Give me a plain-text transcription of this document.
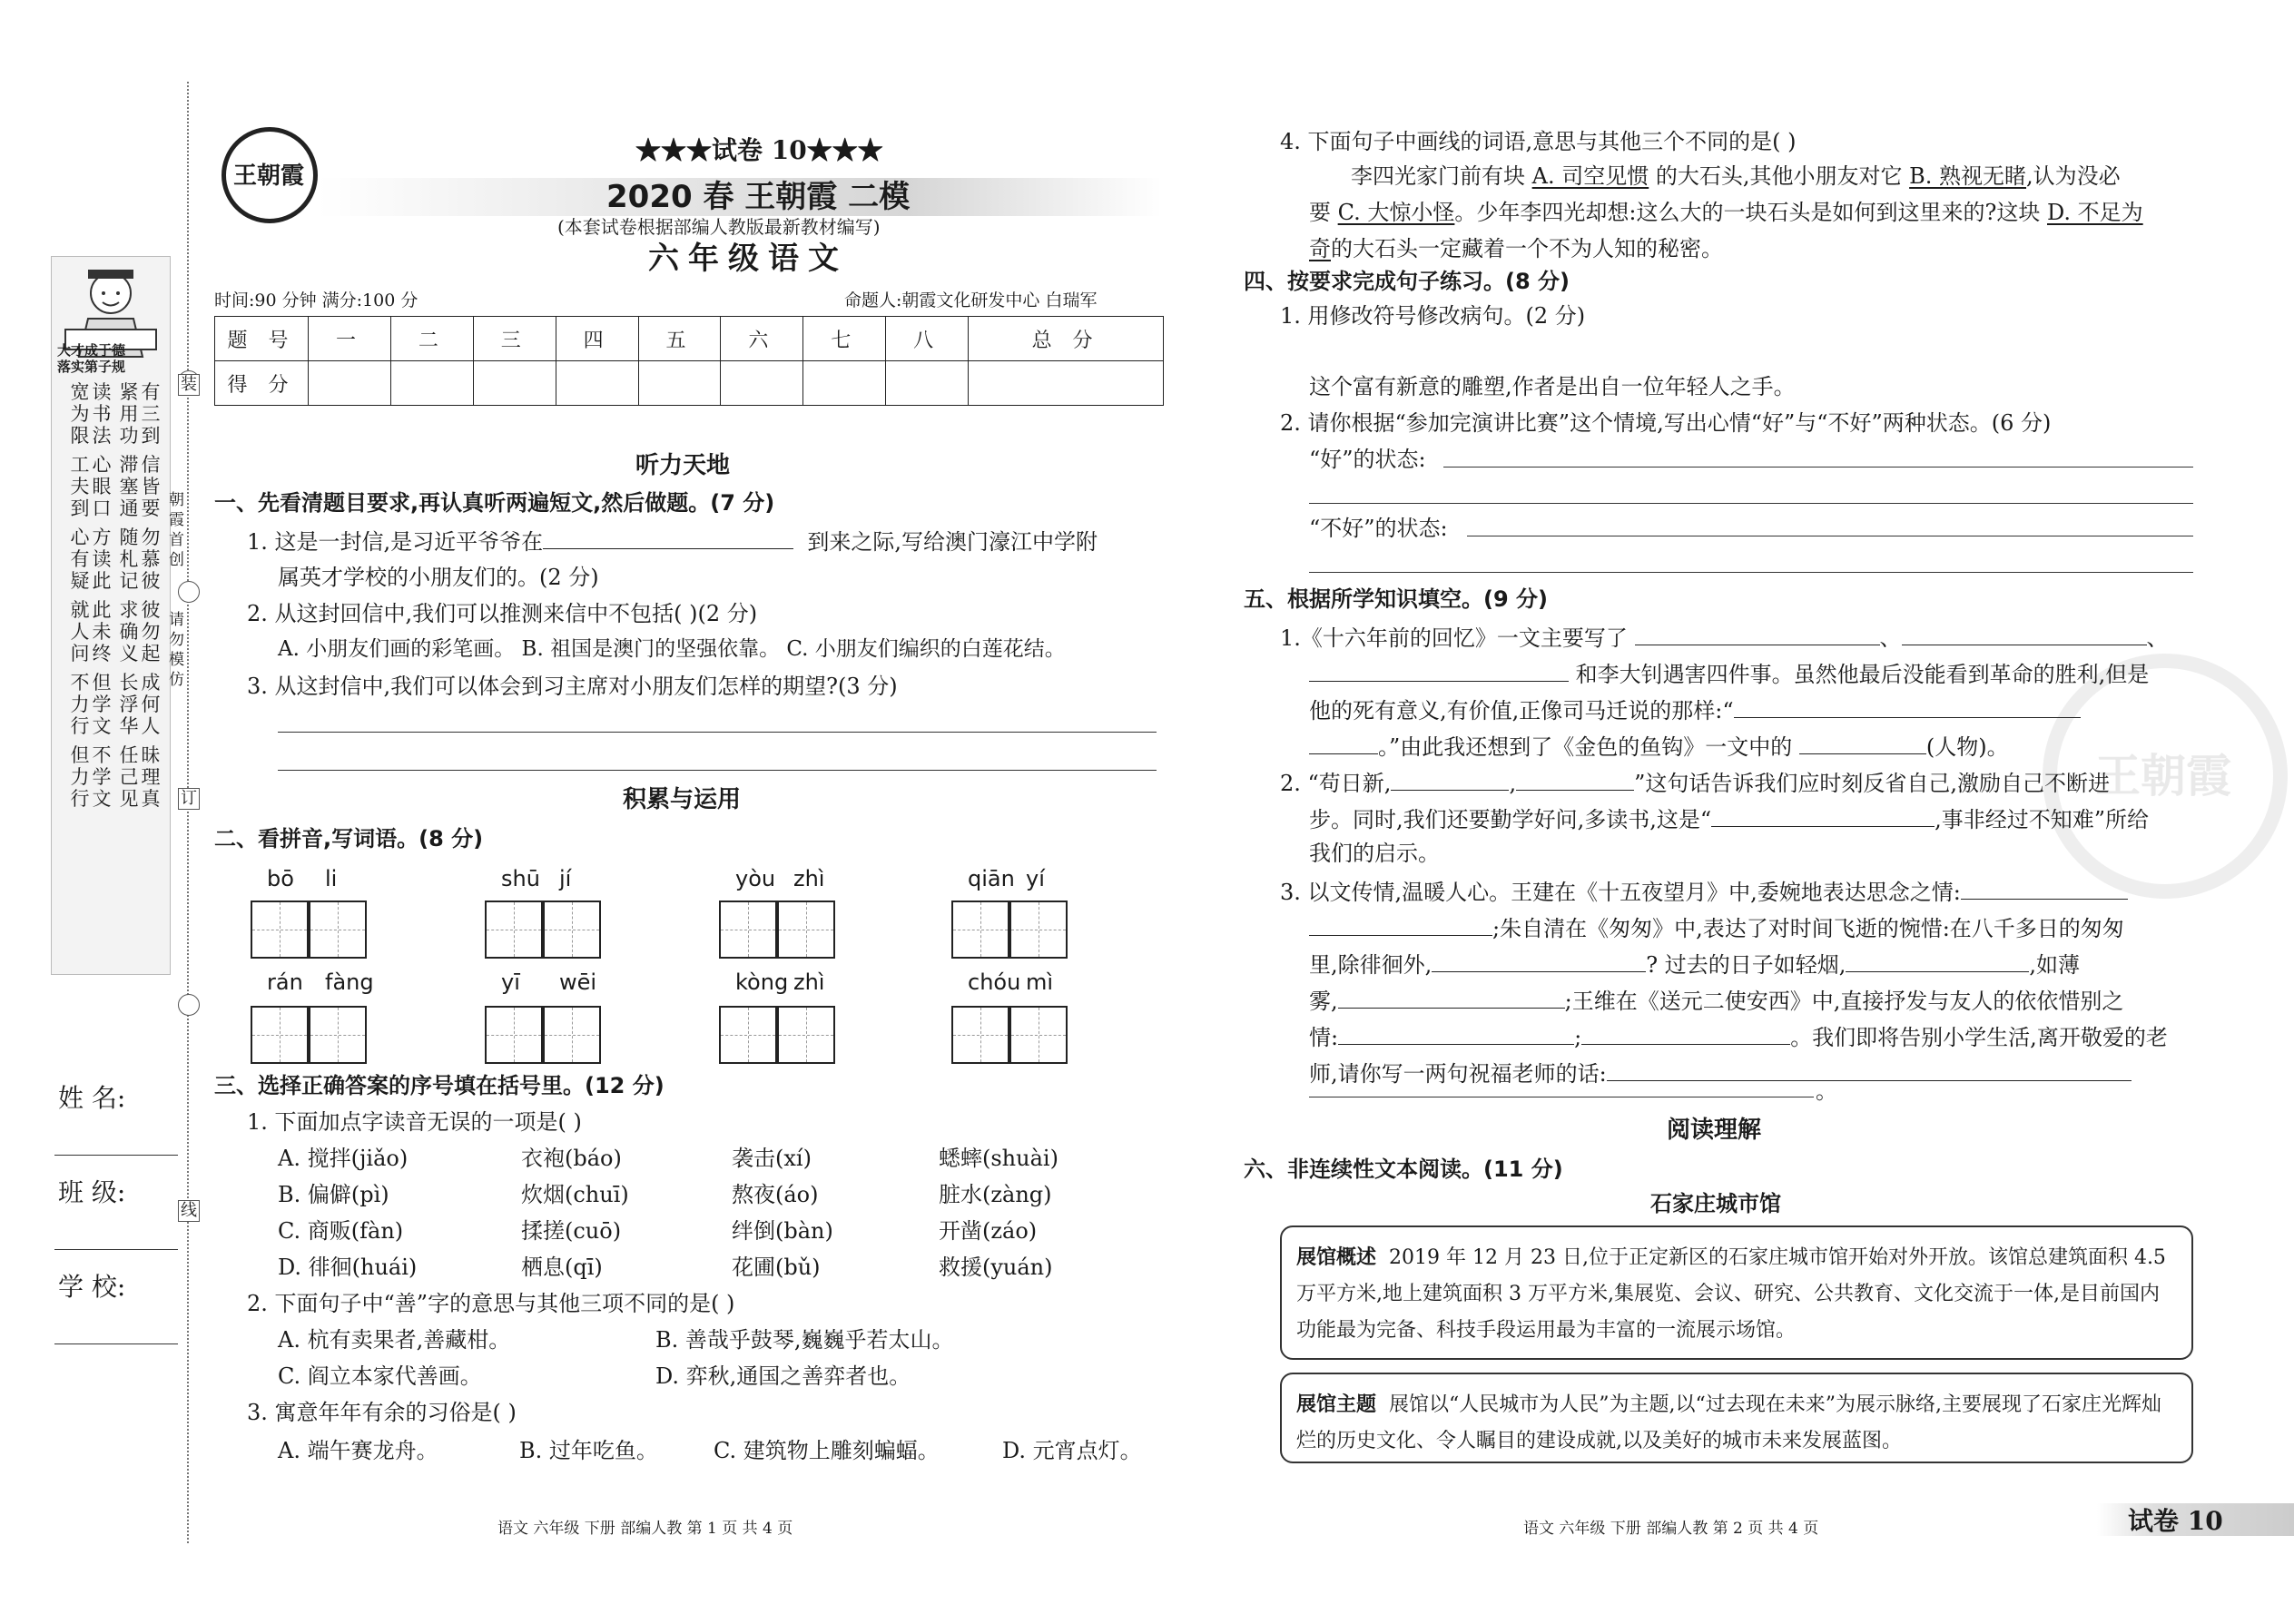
装
订
线
大才成于德
落实第子规
宽为限
读书法
紧用功
有三到
工夫到
心眼口
滞塞通
信皆要
心有疑
方读此
随札记
勿慕彼
就人问
此未终
求确义
彼勿起
不力行
但学文
长浮华
成何人
但力行
不学文
任己见
昧理真
朝霞首创
请勿模仿
姓 名:
班 级:
学 校:
王朝霞
★★★试卷 10★★★
2020 春 王朝霞 二模
(本套试卷根据部编人教版最新教材编写)
六年级语文
时间:90 分钟 满分:100 分	命题人:朝霞文化研发中心 白瑞军
题 号	一	二	三	四	五	六	七	八	总 分
得 分									
听力天地
一、先看清题目要求,再认真听两遍短文,然后做题。(7 分)
1. 这是一封信,是习近平爷爷在	到来之际,写给澳门濠江中学附
属英才学校的小朋友们的。(2 分)
2. 从这封回信中,我们可以推测来信中不包括( )(2 分)
A. 小朋友们画的彩笔画。 B. 祖国是澳门的坚强依靠。 C. 小朋友们编织的白莲花结。
3. 从这封信中,我们可以体会到习主席对小朋友们怎样的期望?(3 分)
积累与运用
二、看拼音,写词语。(8 分)
bō li	shū jí	yòu zhì	qiān yí
rán fàng	yī wēi	kòng zhì	chóu mì
三、选择正确答案的序号填在括号里。(12 分)
1. 下面加点字读音无误的一项是( )
A. 搅拌(jiǎo)	衣袍(báo)	袭击(xí)	蟋蟀(shuài)
B. 偏僻(pì)	炊烟(chuī)	熬夜(áo)	脏水(zàng)
C. 商贩(fàn)	揉搓(cuō)	绊倒(bàn)	开凿(záo)
D. 徘徊(huái)	栖息(qī)	花圃(bǔ)	救援(yuán)
2. 下面句子中“善”字的意思与其他三项不同的是( )
A. 杭有卖果者,善藏柑。	B. 善哉乎鼓琴,巍巍乎若太山。
C. 阎立本家代善画。	D. 弈秋,通国之善弈者也。
3. 寓意年年有余的习俗是( )
A. 端午赛龙舟。	B. 过年吃鱼。	C. 建筑物上雕刻蝙蝠。	D. 元宵点灯。
语文 六年级 下册 部编人教 第 1 页 共 4 页
王朝霞
4. 下面句子中画线的词语,意思与其他三个不同的是( )
李四光家门前有块 A. 司空见惯 的大石头,其他小朋友对它 B. 熟视无睹,认为没必
要 C. 大惊小怪。少年李四光却想:这么大的一块石头是如何到这里来的?这块 D. 不足为
奇的大石头一定藏着一个不为人知的秘密。
四、按要求完成句子练习。(8 分)
1. 用修改符号修改病句。(2 分)
这个富有新意的雕塑,作者是出自一位年轻人之手。
2. 请你根据“参加完演讲比赛”这个情境,写出心情“好”与“不好”两种状态。(6 分)
“好”的状态:
“不好”的状态:
五、根据所学知识填空。(9 分)
1.《十六年前的回忆》一文主要写了	、	、
和李大钊遇害四件事。虽然他最后没能看到革命的胜利,但是
他的死有意义,有价值,正像司马迁说的那样:“
。”由此我还想到了《金色的鱼钩》一文中的	(人物)。
2. “苟日新,	,	”这句话告诉我们应时刻反省自己,激励自己不断进
步。同时,我们还要勤学好问,多读书,这是“	,事非经过不知难”所给
我们的启示。
3. 以文传情,温暖人心。王建在《十五夜望月》中,委婉地表达思念之情:
;朱自清在《匆匆》中,表达了对时间飞逝的惋惜:在八千多日的匆匆
里,除徘徊外,	? 过去的日子如轻烟,	,如薄
雾,	;王维在《送元二使安西》中,直接抒发与友人的依依惜别之
情:	;	。我们即将告别小学生活,离开敬爱的老
师,请你写一两句祝福老师的话:
。
阅读理解
六、非连续性文本阅读。(11 分)
石家庄城市馆
展馆概述 2019 年 12 月 23 日,位于正定新区的石家庄城市馆开始对外开放。该馆总建筑面积 4.5 万平方米,地上建筑面积 3 万平方米,集展览、会议、研究、公共教育、文化交流于一体,是目前国内功能最为完备、科技手段运用最为丰富的一流展示场馆。
展馆主题 展馆以“人民城市为人民”为主题,以“过去现在未来”为展示脉络,主要展现了石家庄光辉灿烂的历史文化、令人瞩目的建设成就,以及美好的城市未来发展蓝图。
语文 六年级 下册 部编人教 第 2 页 共 4 页	试卷 10
